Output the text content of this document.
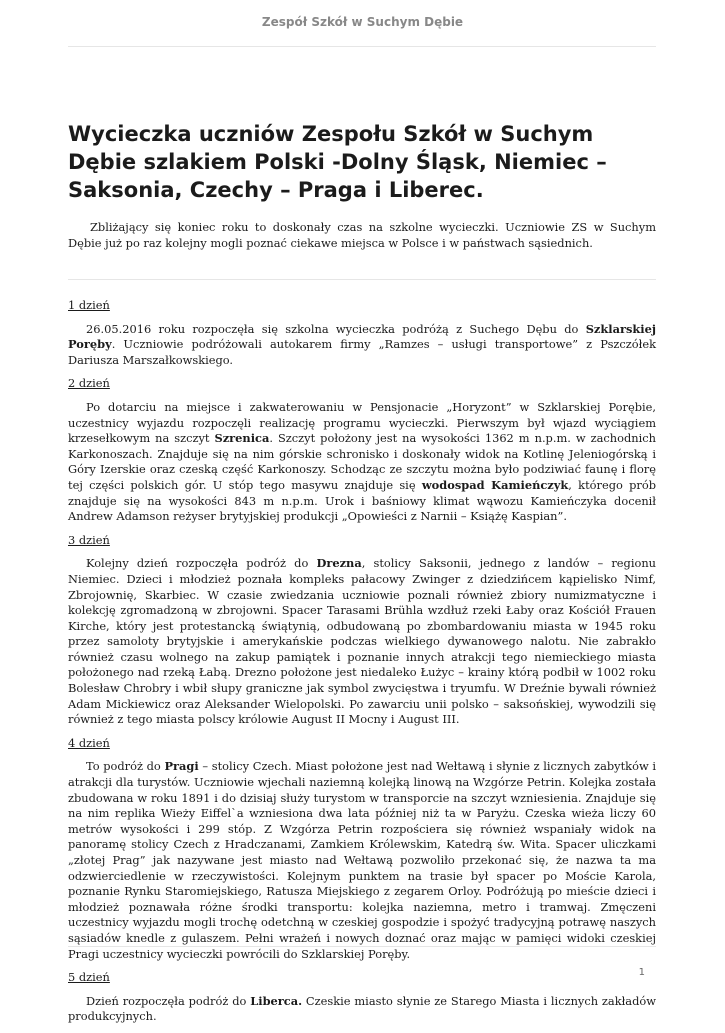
Zespół Szkół w Suchym Dębie
Wycieczka uczniów Zespołu Szkół w Suchym Dębie szlakiem Polski -Dolny Śląsk, Niemiec – Saksonia, Czechy – Praga i Liberec.

Zbliżający się koniec roku to doskonały czas na szkolne wycieczki. Uczniowie ZS w Suchym Dębie już po raz kolejny mogli poznać ciekawe miejsca w Polsce i w państwach sąsiednich.

1 dzień

26.05.2016 roku rozpoczęła się szkolna wycieczka podróżą z Suchego Dębu do Szklarskiej Poręby. Uczniowie podróżowali autokarem firmy „Ramzes – usługi transportowe” z Pszczółek Dariusza Marszałkowskiego.

2 dzień

Po dotarciu na miejsce i zakwaterowaniu w Pensjonacie „Horyzont” w Szklarskiej Porębie, uczestnicy wyjazdu rozpoczęli realizację programu wycieczki. Pierwszym był wjazd wyciągiem krzesełkowym na szczyt Szrenica. Szczyt położony jest na wysokości 1362 m n.p.m. w zachodnich Karkonoszach. Znajduje się na nim górskie schronisko i doskonały widok na Kotlinę Jeleniogórską i Góry Izerskie oraz czeską część Karkonoszy. Schodząc ze szczytu można było podziwiać faunę i florę tej części polskich gór. U stóp tego masywu znajduje się wodospad Kamieńczyk, którego prób znajduje się na wysokości 843 m n.p.m. Urok i baśniowy klimat wąwozu Kamieńczyka docenił Andrew Adamson reżyser brytyjskiej produkcji „Opowieści z Narnii – Książę Kaspian”.

3 dzień

Kolejny dzień rozpoczęła podróż do Drezna, stolicy Saksonii, jednego z landów – regionu Niemiec. Dzieci i młodzież poznała kompleks pałacowy Zwinger z dziedzińcem kąpielisko Nimf, Zbrojownię, Skarbiec. W czasie zwiedzania uczniowie poznali również zbiory numizmatyczne i kolekcję zgromadzoną w zbrojowni. Spacer Tarasami Brühla wzdłuż rzeki Łaby oraz Kościół Frauen Kirche, który jest protestancką świątynią, odbudowaną po zbombardowaniu miasta w 1945 roku przez samoloty brytyjskie i amerykańskie podczas wielkiego dywanowego nalotu. Nie zabrakło również czasu wolnego na zakup pamiątek i poznanie innych atrakcji tego niemieckiego miasta położonego nad rzeką Łabą. Drezno położone jest niedaleko Łużyc – krainy którą podbił w 1002 roku Bolesław Chrobry i wbił słupy graniczne jak symbol zwycięstwa i tryumfu. W Dreźnie bywali również Adam Mickiewicz oraz Aleksander Wielopolski. Po zawarciu unii polsko – saksońskiej, wywodzili się również z tego miasta polscy królowie August II Mocny i August III.

4 dzień

To podróż do Pragi – stolicy Czech. Miast położone jest nad Wełtawą i słynie z licznych zabytków i atrakcji dla turystów. Uczniowie wjechali naziemną kolejką linową na Wzgórze Petrin. Kolejka została zbudowana w roku 1891 i do dzisiaj służy turystom w transporcie na szczyt wzniesienia. Znajduje się na nim replika Wieży Eiffel`a wzniesiona dwa lata później niż ta w Paryżu. Czeska wieża liczy 60 metrów wysokości i 299 stóp. Z Wzgórza Petrin rozpościera się również wspaniały widok na panoramę stolicy Czech z Hradczanami, Zamkiem Królewskim, Katedrą św. Wita. Spacer uliczkami „złotej Prag” jak nazywane jest miasto nad Wełtawą pozwoliło przekonać się, że nazwa ta ma odzwierciedlenie w rzeczywistości. Kolejnym punktem na trasie był spacer po Moście Karola, poznanie Rynku Staromiejskiego, Ratusza Miejskiego z zegarem Orloy. Podróżują po mieście dzieci i młodzież poznawała różne środki transportu: kolejka naziemna, metro i tramwaj. Zmęczeni uczestnicy wyjazdu mogli trochę odetchną w czeskiej gospodzie i spożyć tradycyjną potrawę naszych sąsiadów knedle z gulaszem. Pełni wrażeń i nowych doznać oraz mając w pamięci widoki czeskiej Pragi uczestnicy wycieczki powrócili do Szklarskiej Poręby.

5 dzień

Dzień rozpoczęła podróż do Liberca. Czeskie miasto słynie ze Starego Miasta i licznych zakładów produkcyjnych.

1
